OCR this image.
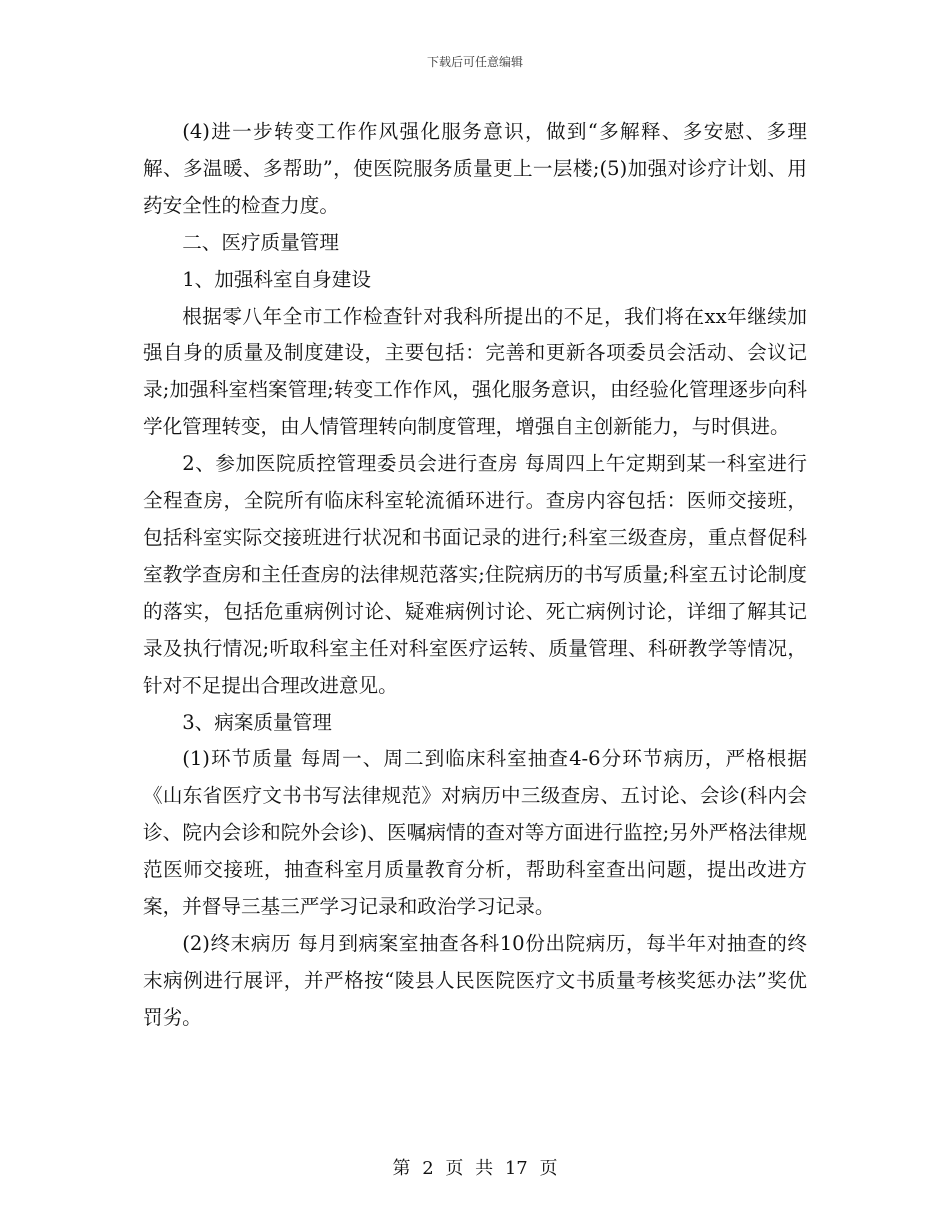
下载后可任意编辑

(4)进一步转变工作作风强化服务意识，做到“多解释、多安慰、多理解、多温暖、多帮助”，使医院服务质量更上一层楼;(5)加强对诊疗计划、用药安全性的检查力度。

二、医疗质量管理

1、加强科室自身建设

根据零八年全市工作检查针对我科所提出的不足，我们将在xx年继续加强自身的质量及制度建设，主要包括：完善和更新各项委员会活动、会议记录;加强科室档案管理;转变工作作风，强化服务意识，由经验化管理逐步向科学化管理转变，由人情管理转向制度管理，增强自主创新能力，与时俱进。

2、参加医院质控管理委员会进行查房 每周四上午定期到某一科室进行全程查房，全院所有临床科室轮流循环进行。查房内容包括：医师交接班，包括科室实际交接班进行状况和书面记录的进行;科室三级查房，重点督促科室教学查房和主任查房的法律规范落实;住院病历的书写质量;科室五讨论制度的落实，包括危重病例讨论、疑难病例讨论、死亡病例讨论，详细了解其记录及执行情况;听取科室主任对科室医疗运转、质量管理、科研教学等情况，针对不足提出合理改进意见。

3、病案质量管理

(1)环节质量 每周一、周二到临床科室抽查4-6分环节病历，严格根据《山东省医疗文书书写法律规范》对病历中三级查房、五讨论、会诊(科内会诊、院内会诊和院外会诊)、医嘱病情的查对等方面进行监控;另外严格法律规范医师交接班，抽查科室月质量教育分析，帮助科室查出问题，提出改进方案，并督导三基三严学习记录和政治学习记录。

(2)终末病历 每月到病案室抽查各科10份出院病历，每半年对抽查的终末病例进行展评，并严格按“陵县人民医院医疗文书质量考核奖惩办法”奖优罚劣。

第 2 页 共 17 页
